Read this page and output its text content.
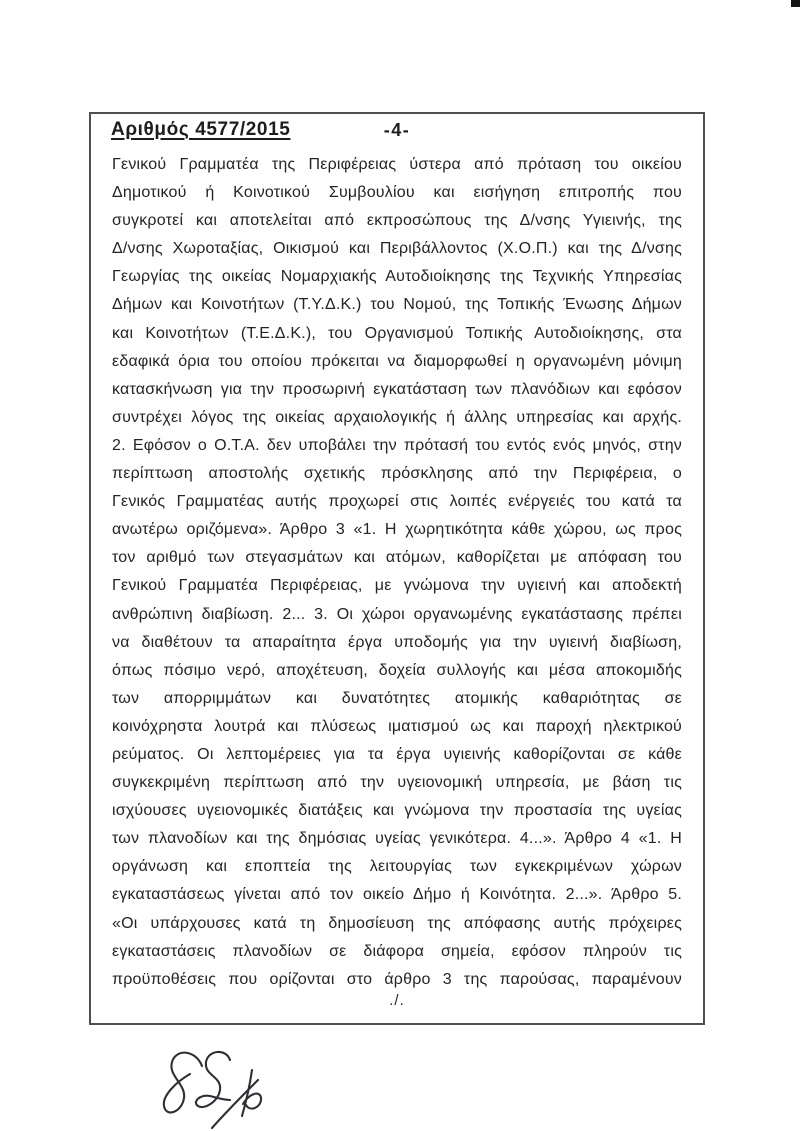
Αριθμός 4577/2015	-4-
Γενικού Γραμματέα της Περιφέρειας ύστερα από πρόταση του οικείου
Δημοτικού ή Κοινοτικού Συμβουλίου και εισήγηση επιτροπής που
συγκροτεί και αποτελείται από εκπροσώπους της Δ/νσης Υγιεινής, της
Δ/νσης Χωροταξίας, Οικισμού και Περιβάλλοντος (Χ.Ο.Π.) και της Δ/νσης
Γεωργίας της οικείας Νομαρχιακής Αυτοδιοίκησης της Τεχνικής Υπηρεσίας
Δήμων και Κοινοτήτων (Τ.Υ.Δ.Κ.) του Νομού, της Τοπικής Ένωσης Δήμων
και Κοινοτήτων (Τ.Ε.Δ.Κ.), του Οργανισμού Τοπικής Αυτοδιοίκησης, στα
εδαφικά όρια του οποίου πρόκειται να διαμορφωθεί η οργανωμένη μόνιμη
κατασκήνωση για την προσωρινή εγκατάσταση των πλανόδιων και εφόσον
συντρέχει λόγος της οικείας αρχαιολογικής ή άλλης υπηρεσίας και αρχής.
2. Εφόσον ο Ο.Τ.Α. δεν υποβάλει την πρότασή του εντός ενός μηνός, στην
περίπτωση αποστολής σχετικής πρόσκλησης από την Περιφέρεια, ο
Γενικός Γραμματέας αυτής προχωρεί στις λοιπές ενέργειές του κατά τα
ανωτέρω οριζόμενα». Άρθρο 3 «1. Η χωρητικότητα κάθε χώρου, ως προς
τον αριθμό των στεγασμάτων και ατόμων, καθορίζεται με απόφαση του
Γενικού Γραμματέα Περιφέρειας, με γνώμονα την υγιεινή και αποδεκτή
ανθρώπινη διαβίωση. 2... 3. Οι χώροι οργανωμένης εγκατάστασης πρέπει
να διαθέτουν τα απαραίτητα έργα υποδομής για την υγιεινή διαβίωση,
όπως πόσιμο νερό, αποχέτευση, δοχεία συλλογής και μέσα αποκομιδής
των απορριμμάτων και δυνατότητες ατομικής καθαριότητας σε
κοινόχρηστα λουτρά και πλύσεως ιματισμού ως και παροχή ηλεκτρικού
ρεύματος. Οι λεπτομέρειες για τα έργα υγιεινής καθορίζονται σε κάθε
συγκεκριμένη περίπτωση από την υγειονομική υπηρεσία, με βάση τις
ισχύουσες υγειονομικές διατάξεις και γνώμονα την προστασία της υγείας
των πλανοδίων και της δημόσιας υγείας γενικότερα. 4...». Άρθρο 4 «1. Η
οργάνωση και εποπτεία της λειτουργίας των εγκεκριμένων χώρων
εγκαταστάσεως γίνεται από τον οικείο Δήμο ή Κοινότητα. 2...». Άρθρο 5.
«Οι υπάρχουσες κατά τη δημοσίευση της απόφασης αυτής πρόχειρες
εγκαταστάσεις πλανοδίων σε διάφορα σημεία, εφόσον πληρούν τις
προϋποθέσεις που ορίζονται στο άρθρο 3 της παρούσας, παραμένουν
./.
